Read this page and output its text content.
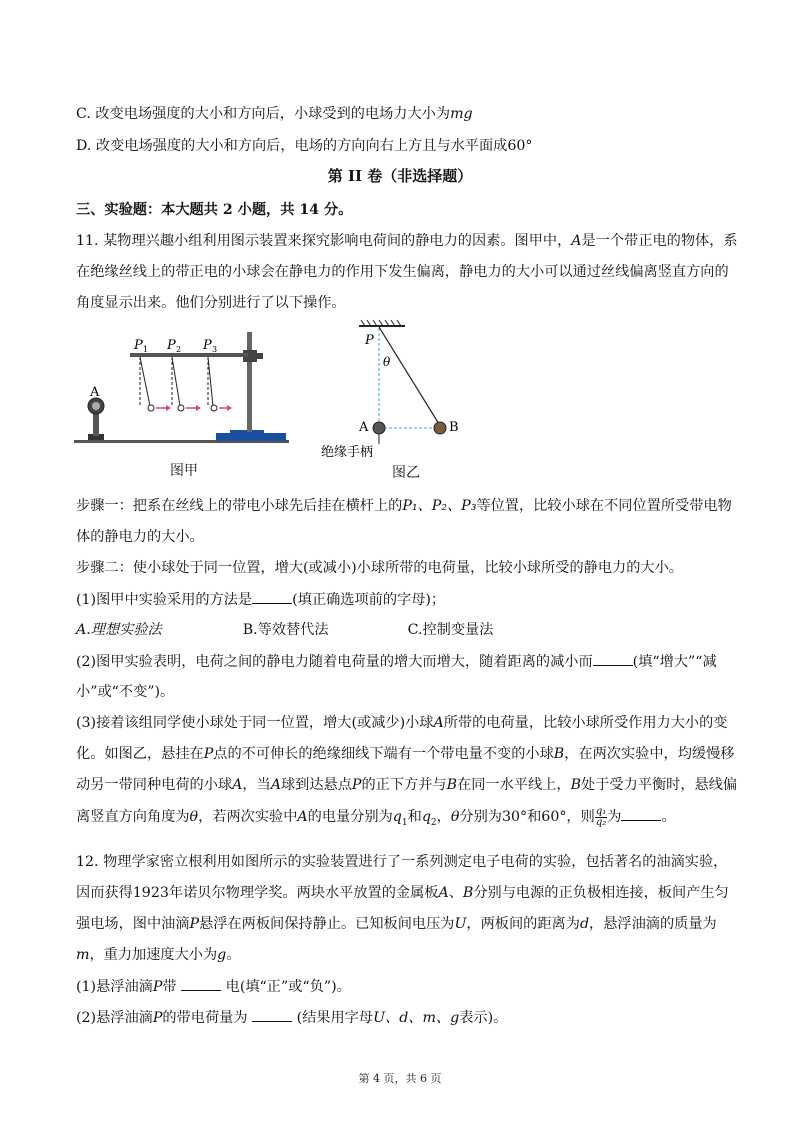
C. 改变电场强度的大小和方向后，小球受到的电场力大小为mg
D. 改变电场强度的大小和方向后，电场的方向向右上方且与水平面成60°
第 II 卷（非选择题）
三、实验题：本大题共 2 小题，共 14 分。
11. 某物理兴趣小组利用图示装置来探究影响电荷间的静电力的因素。图甲中，A是一个带正电的物体，系
在绝缘丝线上的带正电的小球会在静电力的作用下发生偏离，静电力的大小可以通过丝线偏离竖直方向的
角度显示出来。他们分别进行了以下操作。
A
P 1 P 2 P 3
图甲
P
θ
A	B
绝缘手柄
图乙
步骤一：把系在丝线上的带电小球先后挂在横杆上的P₁、P₂、P₃等位置，比较小球在不同位置所受带电物
体的静电力的大小。
步骤二：使小球处于同一位置，增大(或减小)小球所带的电荷量，比较小球所受的静电力的大小。
(1)图甲中实验采用的方法是	(填正确选项前的字母)；
A.理想实验法	B.等效替代法	C.控制变量法
(2)图甲实验表明，电荷之间的静电力随着电荷量的增大而增大，随着距离的减小而	(填“增大”“减
小”或“不变”)。
(3)接着该组同学使小球处于同一位置，增大(或减少)小球A所带的电荷量，比较小球所受作用力大小的变
化。如图乙，悬挂在P点的不可伸长的绝缘细线下端有一个带电量不变的小球B，在两次实验中，均缓慢移
动另一带同种电荷的小球A，当A球到达悬点P的正下方并与B在同一水平线上，B处于受力平衡时，悬线偏
离竖直方向角度为θ，若两次实验中A的电量分别为$q_1$和$q_2$，θ分别为30°和60°，则 $\frac{\text{q₁}}{\text{q₂}}$ 为	。
12. 物理学家密立根利用如图所示的实验装置进行了一系列测定电子电荷的实验，包括著名的油滴实验，
因而获得1923年诺贝尔物理学奖。两块水平放置的金属板A、B分别与电源的正负极相连接，板间产生匀
强电场，图中油滴P悬浮在两板间保持静止。已知板间电压为U，两板间的距离为d，悬浮油滴的质量为
m，重力加速度大小为g。
(1)悬浮油滴P带	电(填“正”或“负”)。
(2)悬浮油滴P的带电荷量为	(结果用字母U、d、m、g表示)。
第 4 页，共 6 页
